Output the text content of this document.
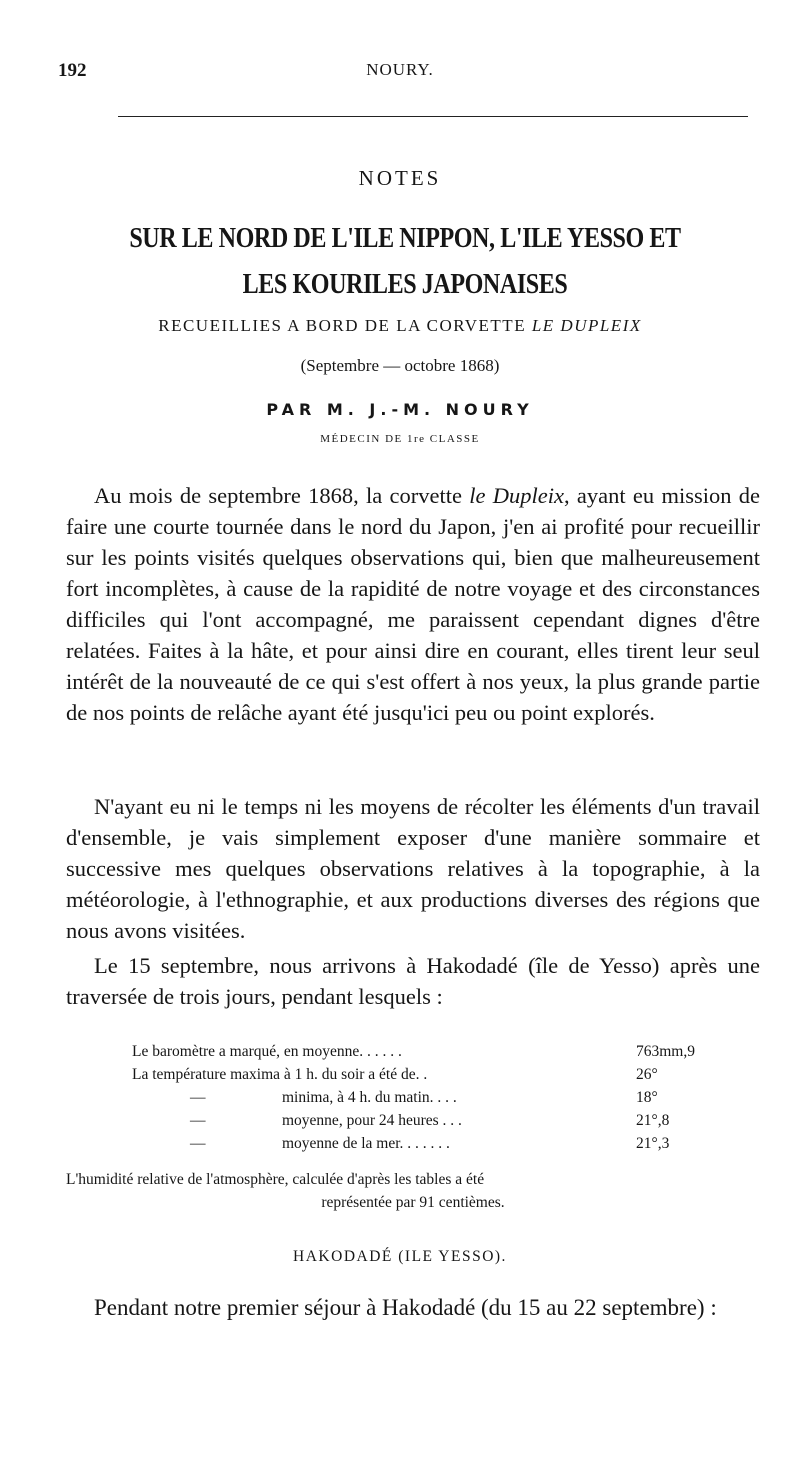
192	NOURY.
NOTES
SUR LE NORD DE L'ILE NIPPON, L'ILE YESSO ET LES KOURILES JAPONAISES
RECUEILLIES A BORD DE LA CORVETTE LE DUPLEIX
(Septembre — octobre 1868)
PAR M. J.-M. NOURY
MÉDECIN DE 1re CLASSE

Au mois de septembre 1868, la corvette le Dupleix, ayant eu mission de faire une courte tournée dans le nord du Japon, j'en ai profité pour recueillir sur les points visités quelques observations qui, bien que malheureusement fort incomplètes, à cause de la rapidité de notre voyage et des circonstances difficiles qui l'ont accompagné, me paraissent cependant dignes d'être relatées. Faites à la hâte, et pour ainsi dire en courant, elles tirent leur seul intérêt de la nouveauté de ce qui s'est offert à nos yeux, la plus grande partie de nos points de relâche ayant été jusqu'ici peu ou point explorés.

N'ayant eu ni le temps ni les moyens de récolter les éléments d'un travail d'ensemble, je vais simplement exposer d'une manière sommaire et successive mes quelques observations relatives à la topographie, à la météorologie, à l'ethnographie, et aux productions diverses des régions que nous avons visitées.

Le 15 septembre, nous arrivons à Hakodadé (île de Yesso) après une traversée de trois jours, pendant lesquels :

Le baromètre a marqué, en moyenne. . . . . .	763mm,9
La température maxima à 1 h. du soir a été de. .	26°
—	minima, à 4 h. du matin. . . .	18°
—	moyenne, pour 24 heures . . .	21°,8
—	moyenne de la mer. . . . . . .	21°,3
L'humidité relative de l'atmosphère, calculée d'après les tables a été
représentée par 91 centièmes.
HAKODADÉ (ILE YESSO).

Pendant notre premier séjour à Hakodadé (du 15 au 22 septembre) :
